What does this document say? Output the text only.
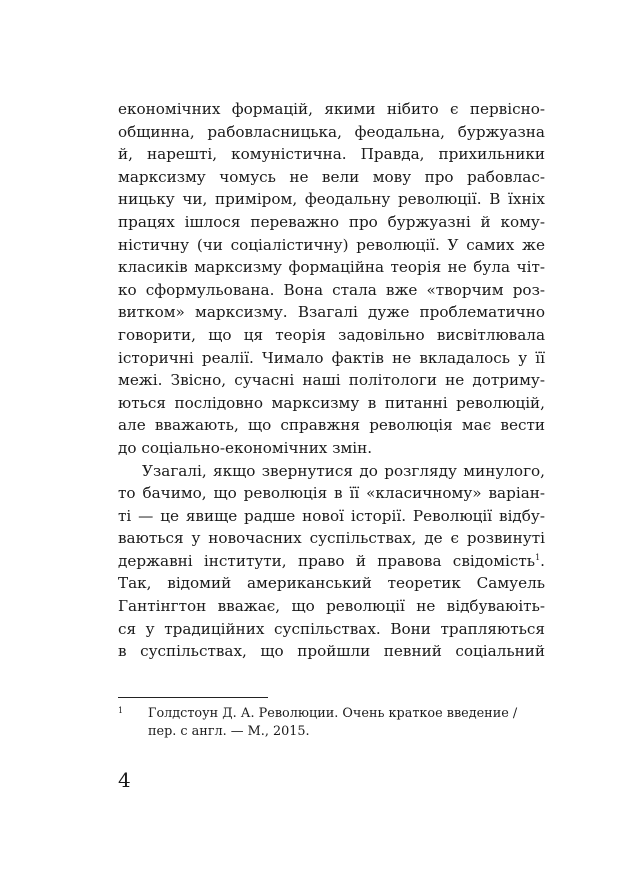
економічних формацій, якими нібито є первісно-
общинна, рабовласницька, феодальна, буржуазна
й, нарешті, комуністична. Правда, прихильники
марксизму чомусь не вели мову про рабовлас-
ницьку чи, приміром, феодальну революції. В їхніх
працях ішлося переважно про буржуазні й кому-
ністичну (чи соціалістичну) революції. У самих же
класиків марксизму формаційна теорія не була чіт-
ко сформульована. Вона стала вже «творчим роз-
витком» марксизму. Взагалі дуже проблематично
говорити, що ця теорія задовільно висвітлювала
історичні реалії. Чимало фактів не вкладалось у її
межі. Звісно, сучасні наші політологи не дотриму-
ються послідовно марксизму в питанні революцій,
але вважають, що справжня революція має вести
до соціально-економічних змін.
Узагалі, якщо звернутися до розгляду минулого,
то бачимо, що революція в її «класичному» варіан-
ті — це явище радше нової історії. Революції відбу-
ваються у новочасних суспільствах, де є розвинуті
державні інститути, право й правова свідомість$^1$.
Так, відомий американський теоретик Самуель
Гантінгтон вважає, що революції не відбуваюіть-
ся у традиційних суспільствах. Вони трапляються
в суспільствах, що пройшли певний соціальний
1	Голдстоун Д. А. Революции. Очень краткое введение /
пер. с англ. — М., 2015.
4
